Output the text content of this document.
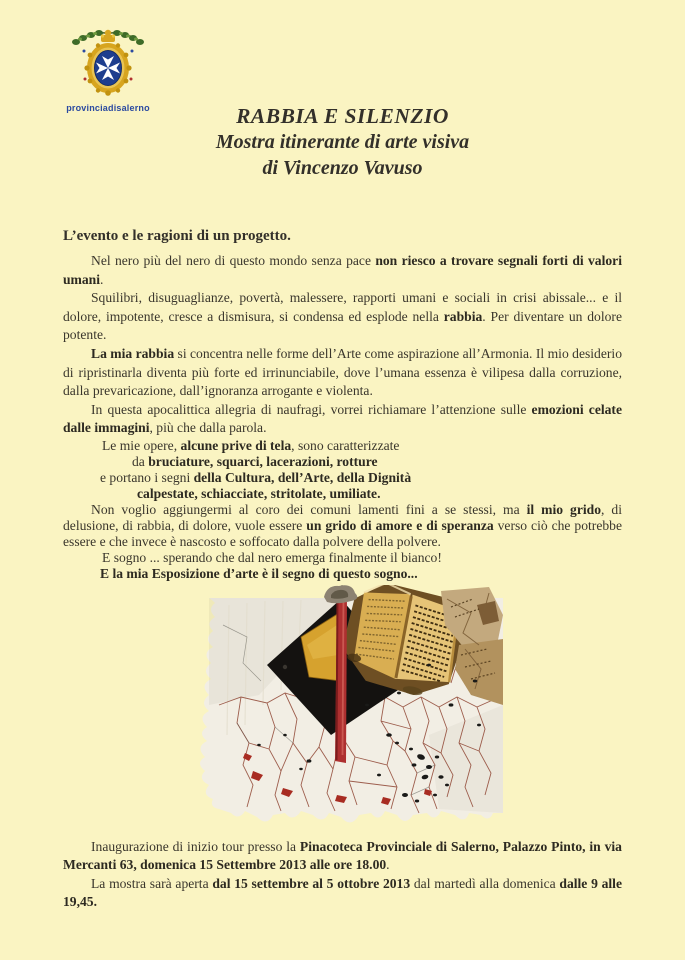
provinciadisalerno	RABBIA E SILENZIO
Mostra itinerante di arte visiva
di Vincenzo Vavuso
L’evento e le ragioni di un progetto.

Nel nero più del nero di questo mondo senza pace non riesco a trovare segnali forti di valori umani.

Squilibri, disuguaglianze, povertà, malessere, rapporti umani e sociali in crisi abissale... e il dolore, impotente, cresce a dismisura, si condensa ed esplode nella rabbia. Per diventare un dolore potente.

La mia rabbia si concentra nelle forme dell’Arte come aspirazione all’Armonia. Il mio desiderio di ripristinarla diventa più forte ed irrinunciabile, dove l’umana essenza è vilipesa dalla corruzione, dalla prevaricazione, dall’ignoranza arrogante e violenta.

In questa apocalittica allegria di naufragi, vorrei richiamare l’attenzione sulle emozioni celate dalle immagini, più che dalla parola.

Le mie opere, alcune prive di tela, sono caratterizzate

da bruciature, squarci, lacerazioni, rotture

e portano i segni della Cultura, dell’Arte, della Dignità

calpestate, schiacciate, stritolate, umiliate.

Non voglio aggiungermi al coro dei comuni lamenti fini a se stessi, ma il mio grido, di delusione, di rabbia, di dolore, vuole essere un grido di amore e di speranza verso ciò che potrebbe essere e che invece è nascosto e soffocato dalla polvere della polvere.

E sogno ... sperando che dal nero emerga finalmente il bianco!

E la mia Esposizione d’arte è il segno di questo sogno...

Inaugurazione di inizio tour presso la Pinacoteca Provinciale di Salerno, Palazzo Pinto, in via Mercanti 63, domenica 15 Settembre 2013 alle ore 18.00.

La mostra sarà aperta dal 15 settembre al 5 ottobre 2013 dal martedì alla domenica dalle 9 alle 19,45.
